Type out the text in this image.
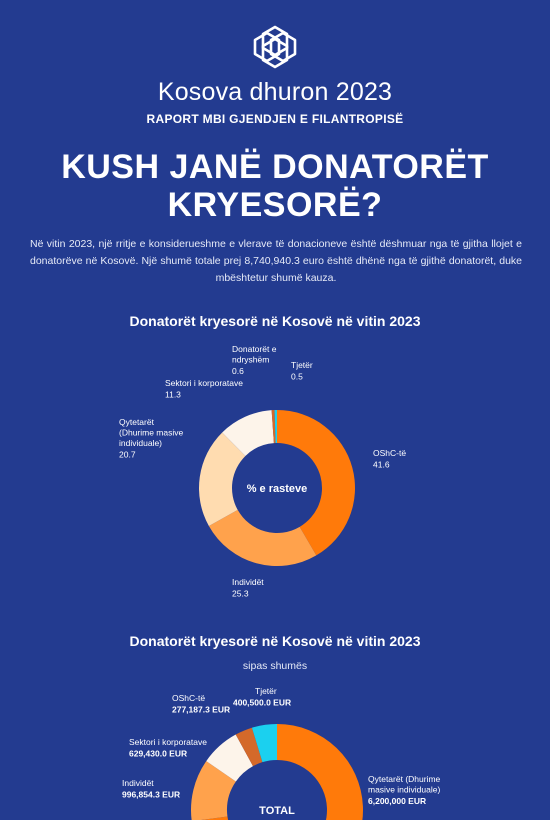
Kosova dhuron 2023
RAPORT MBI GJENDJEN E FILANTROPISË
KUSH JANË DONATORËT
KRYESORË?
Në vitin 2023, një rritje e konsiderueshme e vlerave të donacioneve është dëshmuar nga të gjitha llojet e donatorëve në Kosovë. Një shumë totale prej 8,740,940.3 euro është dhënë nga të gjithë donatorët, duke mbështetur shumë kauza.
Donatorët kryesorë në Kosovë në vitin 2023
% e rasteve
OShC-të
41.6
Individët
25.3
Qytetarët
(Dhurime masive
individuale)
20.7
Sektori i korporatave
11.3
Donatorët e
ndryshëm
0.6
Tjetër
0.5
Donatorët kryesorë në Kosovë në vitin 2023
sipas shumës
TOTAL
Qytetarët (Dhurime
masive individuale)
6,200,000 EUR
Individët
996,854.3 EUR
Sektori i korporatave
629,430.0 EUR
OShC-të
277,187.3 EUR
Tjetër
400,500.0 EUR
